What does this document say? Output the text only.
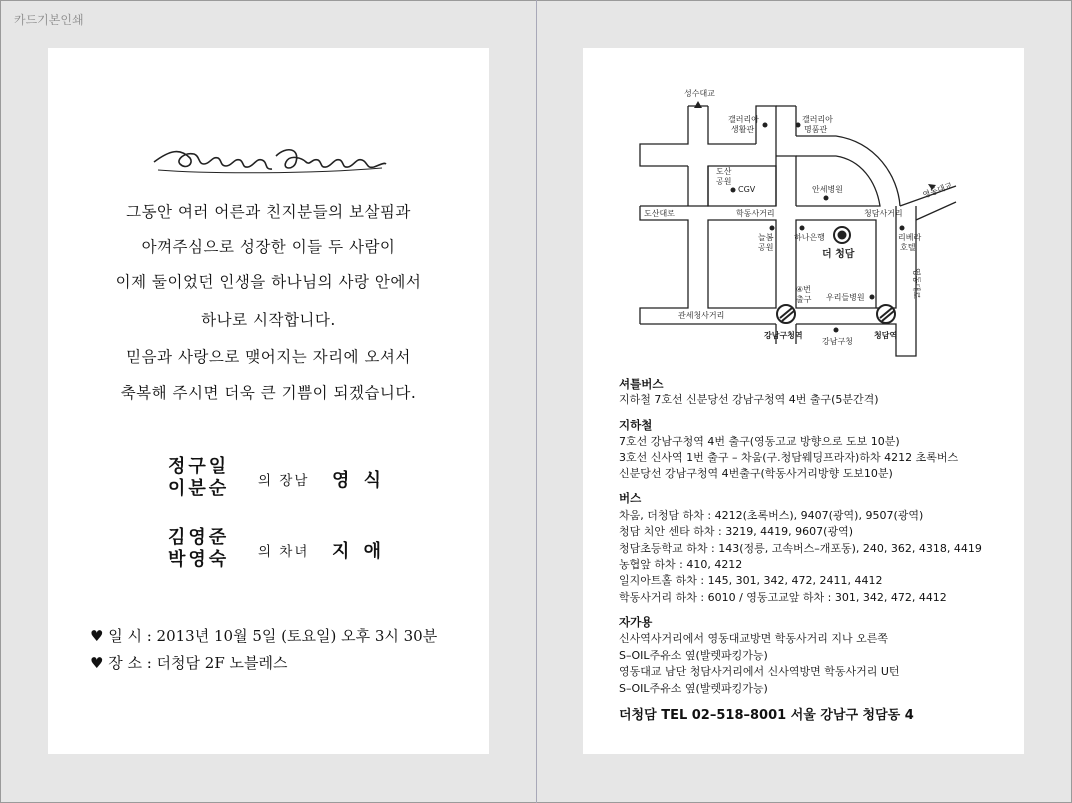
카드기본인쇄
Wedding Invitation
그동안 여러 어른과 친지분들의 보살핌과
아껴주심으로 성장한 이들 두 사람이
이제 둘이었던 인생을 하나님의 사랑 안에서
하나로 시작합니다.
믿음과 사랑으로 맺어지는 자리에 오셔서
축복해 주시면 더욱 큰 기쁨이 되겠습니다.
정구일
이분순 의 장남 영 식
김영준
박영숙 의 차녀 지 애
♥ 일 시 : 2013년 10월 5일 (토요일) 오후 3시 30분
♥ 장 소 : 더청담 2F 노블레스
성수대교
갤러리아
생활관
갤러리아
명품관
도산
공원
CGV	안세병원	영동대교
도산대로	학동사거리	청담사거리
늘봄
공원
하나은행
더 청담
리베라
호텔
영동대로
④번
출구 우리들병원
관세청사거리
강남구청역
강남구청
청담역
셔틀버스
지하철 7호선 신분당선 강남구청역 4번 출구(5분간격)
지하철
7호선 강남구청역 4번 출구(영동고교 방향으로 도보 10분)
3호선 신사역 1번 출구 – 차움(구.청담웨딩프라자)하차 4212 초록버스
신분당선 강남구청역 4번출구(학동사거리방향 도보10분)
버스
차움, 더청담 하차 : 4212(초록버스), 9407(광역), 9507(광역)
청담 치안 센타 하차 : 3219, 4419, 9607(광역)
청담초등학교 하차 : 143(정릉, 고속버스–개포동), 240, 362, 4318, 4419
농협앞 하차 : 410, 4212
일지아트홀 하차 : 145, 301, 342, 472, 2411, 4412
학동사거리 하차 : 6010 / 영동고교앞 하차 : 301, 342, 472, 4412
자가용
신사역사거리에서 영동대교방면 학동사거리 지나 오른쪽
S–OIL주유소 옆(발렛파킹가능)
영동대교 남단 청담사거리에서 신사역방면 학동사거리 U턴
S–OIL주유소 옆(발렛파킹가능)
더청담 TEL 02–518–8001 서울 강남구 청담동 4
